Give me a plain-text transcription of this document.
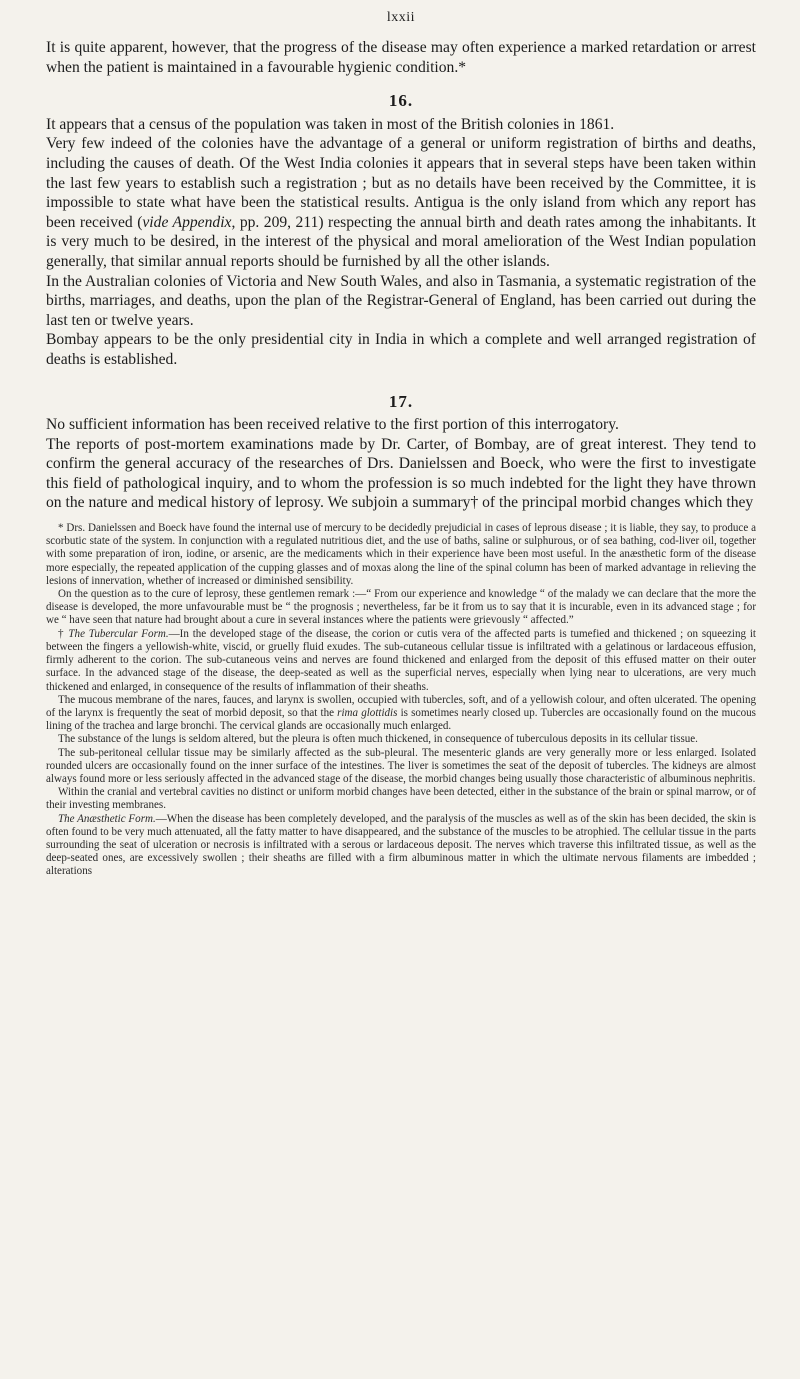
lxxii

It is quite apparent, however, that the progress of the disease may often experience a marked retardation or arrest when the patient is maintained in a favourable hygienic condition.*

16.

It appears that a census of the population was taken in most of the British colonies in 1861.

Very few indeed of the colonies have the advantage of a general or uniform registration of births and deaths, including the causes of death. Of the West India colonies it appears that in several steps have been taken within the last few years to establish such a registration ; but as no details have been received by the Committee, it is impossible to state what have been the statistical results. Antigua is the only island from which any report has been received (vide Appendix, pp. 209, 211) respecting the annual birth and death rates among the inhabitants. It is very much to be desired, in the interest of the physical and moral amelioration of the West Indian population generally, that similar annual reports should be furnished by all the other islands.

In the Australian colonies of Victoria and New South Wales, and also in Tasmania, a systematic registration of the births, marriages, and deaths, upon the plan of the Registrar-General of England, has been carried out during the last ten or twelve years.

Bombay appears to be the only presidential city in India in which a complete and well arranged registration of deaths is established.

17.

No sufficient information has been received relative to the first portion of this interrogatory.

The reports of post-mortem examinations made by Dr. Carter, of Bombay, are of great interest. They tend to confirm the general accuracy of the researches of Drs. Danielssen and Boeck, who were the first to investigate this field of pathological inquiry, and to whom the profession is so much indebted for the light they have thrown on the nature and medical history of leprosy. We subjoin a summary† of the principal morbid changes which they

* Drs. Danielssen and Boeck have found the internal use of mercury to be decidedly prejudicial in cases of leprous disease ; it is liable, they say, to produce a scorbutic state of the system. In conjunction with a regulated nutritious diet, and the use of baths, saline or sulphurous, or of sea bathing, cod-liver oil, together with some preparation of iron, iodine, or arsenic, are the medicaments which in their experience have been most useful. In the anæsthetic form of the disease more especially, the repeated application of the cupping glasses and of moxas along the line of the spinal column has been of marked advantage in relieving the lesions of innervation, whether of increased or diminished sensibility.

On the question as to the cure of leprosy, these gentlemen remark :—“ From our experience and knowledge “ of the malady we can declare that the more the disease is developed, the more unfavourable must be “ the prognosis ; nevertheless, far be it from us to say that it is incurable, even in its advanced stage ; for we “ have seen that nature had brought about a cure in several instances where the patients were grievously “ affected.”

† The Tubercular Form.—In the developed stage of the disease, the corion or cutis vera of the affected parts is tumefied and thickened ; on squeezing it between the fingers a yellowish-white, viscid, or gruelly fluid exudes. The sub-cutaneous cellular tissue is infiltrated with a gelatinous or lardaceous effusion, firmly adherent to the corion. The sub-cutaneous veins and nerves are found thickened and enlarged from the deposit of this effused matter on their outer surface. In the advanced stage of the disease, the deep-seated as well as the superficial nerves, especially when lying near to ulcerations, are very much thickened and enlarged, in consequence of the results of inflammation of their sheaths.

The mucous membrane of the nares, fauces, and larynx is swollen, occupied with tubercles, soft, and of a yellowish colour, and often ulcerated. The opening of the larynx is frequently the seat of morbid deposit, so that the rima glottidis is sometimes nearly closed up. Tubercles are occasionally found on the mucous lining of the trachea and large bronchi. The cervical glands are occasionally much enlarged.

The substance of the lungs is seldom altered, but the pleura is often much thickened, in consequence of tuberculous deposits in its cellular tissue.

The sub-peritoneal cellular tissue may be similarly affected as the sub-pleural. The mesenteric glands are very generally more or less enlarged. Isolated rounded ulcers are occasionally found on the inner surface of the intestines. The liver is sometimes the seat of the deposit of tubercles. The kidneys are almost always found more or less seriously affected in the advanced stage of the disease, the morbid changes being usually those characteristic of albuminous nephritis.

Within the cranial and vertebral cavities no distinct or uniform morbid changes have been detected, either in the substance of the brain or spinal marrow, or of their investing membranes.

The Anæsthetic Form.—When the disease has been completely developed, and the paralysis of the muscles as well as of the skin has been decided, the skin is often found to be very much attenuated, all the fatty matter to have disappeared, and the substance of the muscles to be atrophied. The cellular tissue in the parts surrounding the seat of ulceration or necrosis is infiltrated with a serous or lardaceous deposit. The nerves which traverse this infiltrated tissue, as well as the deep-seated ones, are excessively swollen ; their sheaths are filled with a firm albuminous matter in which the ultimate nervous filaments are imbedded ; alterations
